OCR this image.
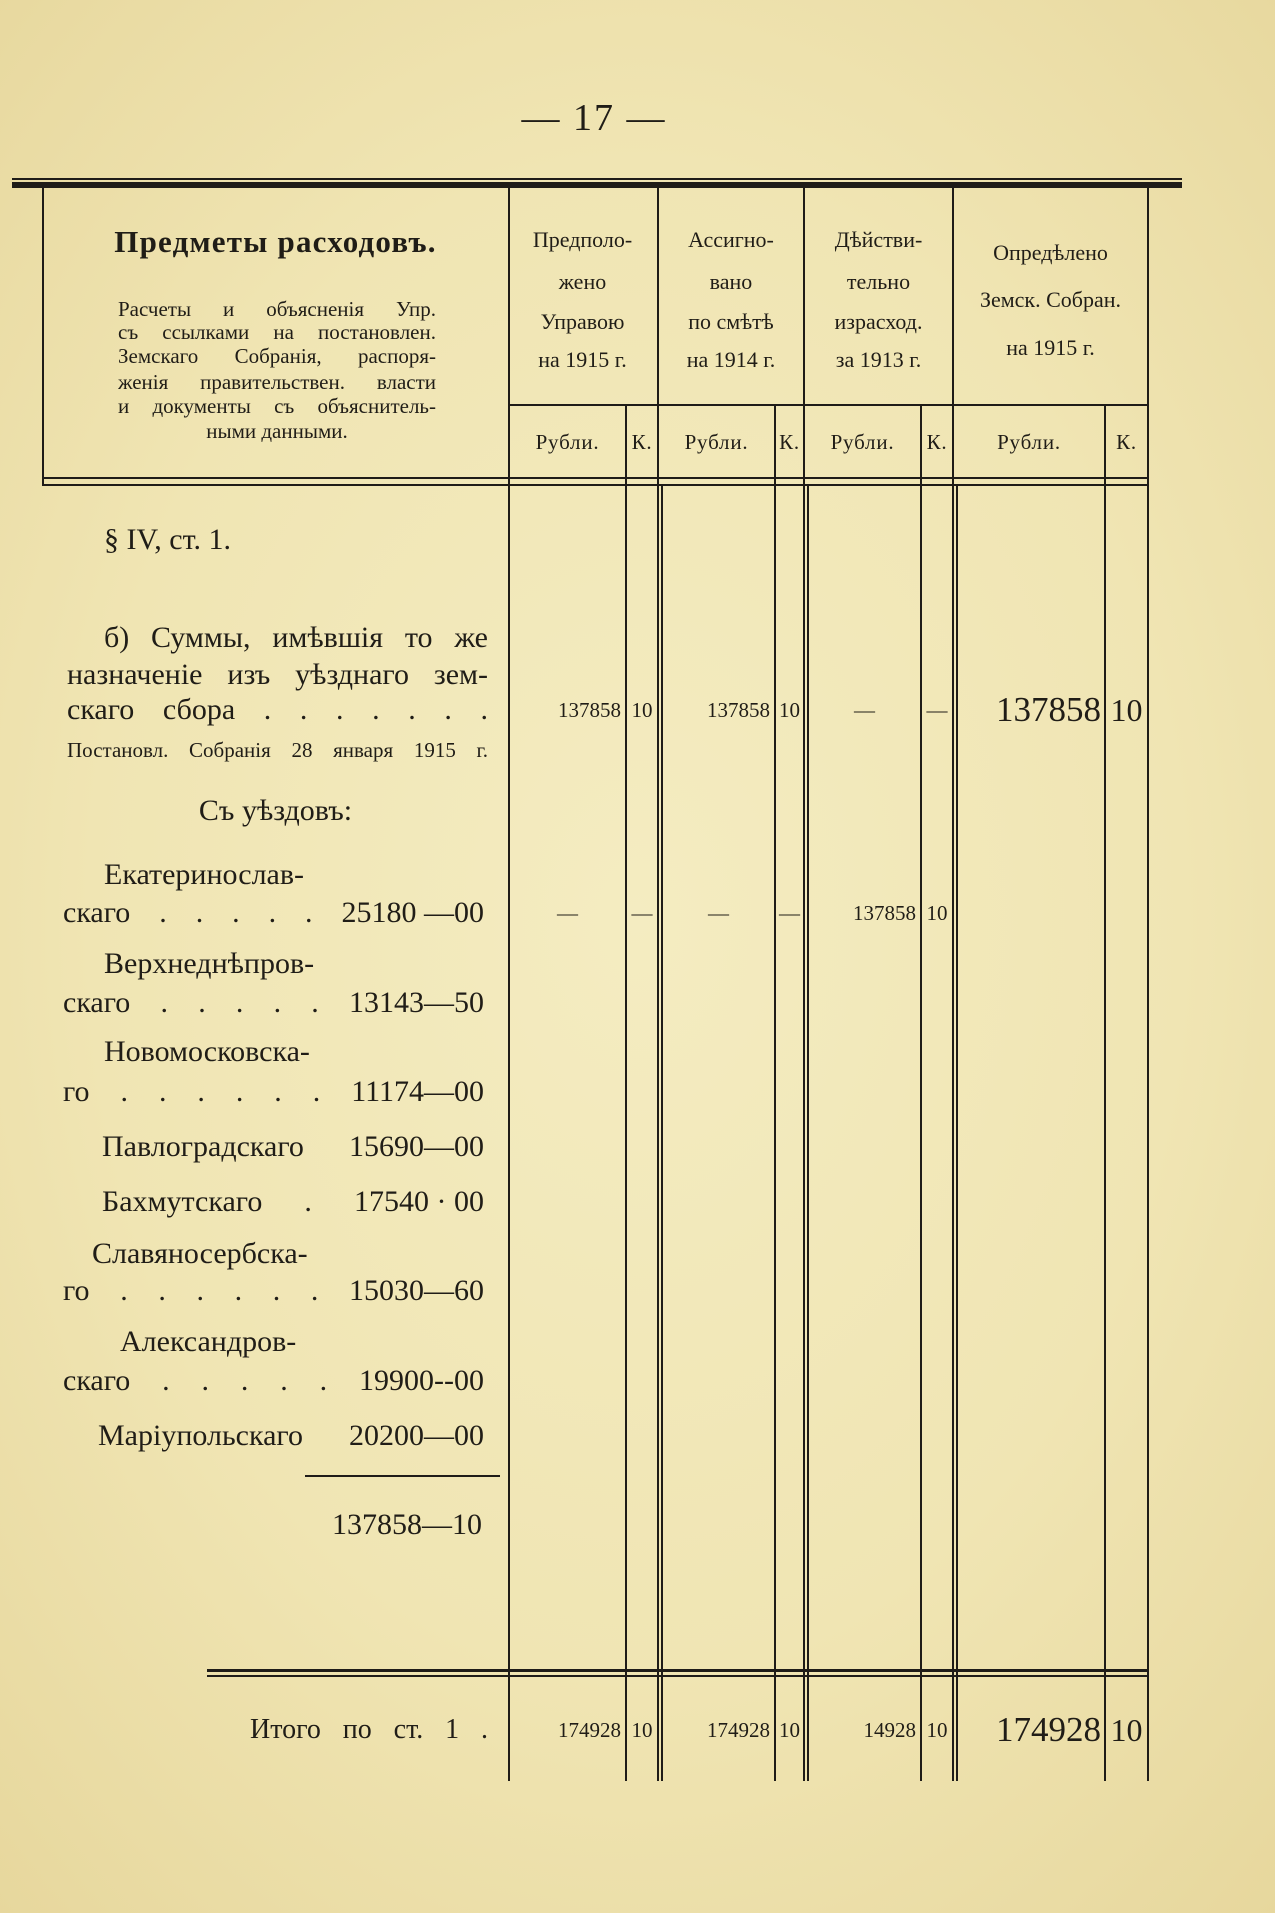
— 17 —
Предметы расходовъ.
Расчеты и объясненія Упр.
съ ссылками на постановлен.
Земскаго Собранія, распоря-
женія правительствен. власти
и документы съ объяснитель-
ными данными.
Предполо-
жено
Управою
на 1915 г.
Рубли.	К.
Ассигно-
вано
по смѣтѣ
на 1914 г.
Рубли.	К.
Дѣйстви-
тельно
израсход.
за 1913 г.
Рубли.	К.
Опредѣлено
Земск. Собран.
на 1915 г.
Рубли.	К.
§ IV, ст. 1.
б) Суммы, имѣвшія то же
назначеніе изъ уѣзднаго зем-
скаго сбора . . . . . . .	137858 10	137858 10	—	—	137858 10
Постановл. Собранія 28 января 1915 г.
Съ уѣздовъ:
Екатеринослав-
скаго . . . . . 25180 —00	—	—	—	—	137858 10
Верхнеднѣпров-
скаго . . . . . 13143—50
Новомосковска-
го . . . . . . 11174—00
Павлоградскаго 15690—00
Бахмутскаго . 17540 · 00
Славяносербска-
го . . . . . . 15030—60
Александров-
скаго . . . . . 19900--00
Маріупольскаго 20200—00
137858—10
Итого по ст. 1 .	174928 10	174928 10	14928 10	174928 10
